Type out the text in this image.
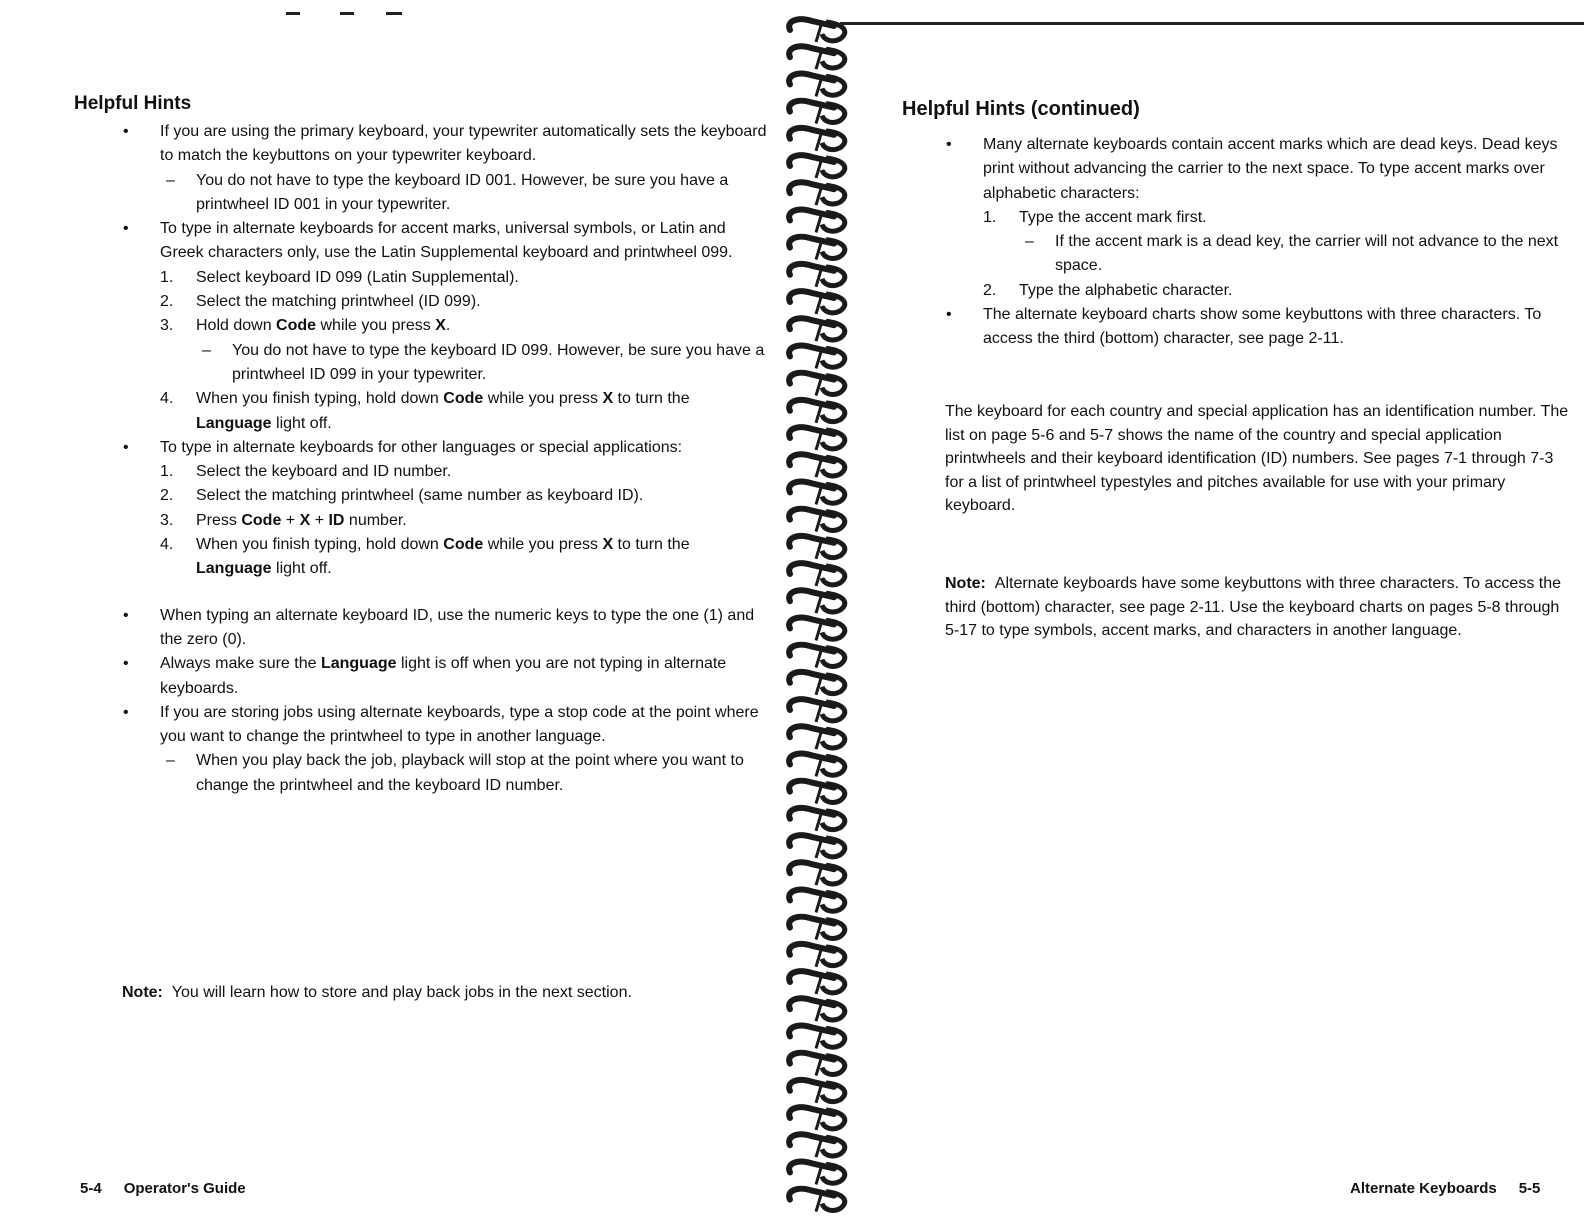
Helpful Hints
• If you are using the primary keyboard, your typewriter automatically sets the keyboard to match the keybuttons on your typewriter keyboard.
– You do not have to type the keyboard ID 001. However, be sure you have a printwheel ID 001 in your typewriter.
• To type in alternate keyboards for accent marks, universal symbols, or Latin and Greek characters only, use the Latin Supplemental keyboard and printwheel 099.
1. Select keyboard ID 099 (Latin Supplemental).
2. Select the matching printwheel (ID 099).
3. Hold down Code while you press X.
– You do not have to type the keyboard ID 099. However, be sure you have a printwheel ID 099 in your typewriter.
4. When you finish typing, hold down Code while you press X to turn the Language light off.
• To type in alternate keyboards for other languages or special applications:
1. Select the keyboard and ID number.
2. Select the matching printwheel (same number as keyboard ID).
3. Press Code + X + ID number.
4. When you finish typing, hold down Code while you press X to turn the Language light off.
• When typing an alternate keyboard ID, use the numeric keys to type the one (1) and the zero (0).
• Always make sure the Language light is off when you are not typing in alternate keyboards.
• If you are storing jobs using alternate keyboards, type a stop code at the point where you want to change the printwheel to type in another language.
– When you play back the job, playback will stop at the point where you want to change the printwheel and the keyboard ID number.

Note: You will learn how to store and play back jobs in the next section.

5-4 Operator's Guide
Helpful Hints (continued)
• Many alternate keyboards contain accent marks which are dead keys. Dead keys print without advancing the carrier to the next space. To type accent marks over alphabetic characters:
1. Type the accent mark first.
– If the accent mark is a dead key, the carrier will not advance to the next space.
2. Type the alphabetic character.
• The alternate keyboard charts show some keybuttons with three characters. To access the third (bottom) character, see page 2-11.

The keyboard for each country and special application has an identification number. The list on page 5-6 and 5-7 shows the name of the country and special application printwheels and their keyboard identification (ID) numbers. See pages 7-1 through 7-3 for a list of printwheel typestyles and pitches available for use with your primary keyboard.

Note: Alternate keyboards have some keybuttons with three characters. To access the third (bottom) character, see page 2-11. Use the keyboard charts on pages 5-8 through 5-17 to type symbols, accent marks, and characters in another language.

Alternate Keyboards 5-5
